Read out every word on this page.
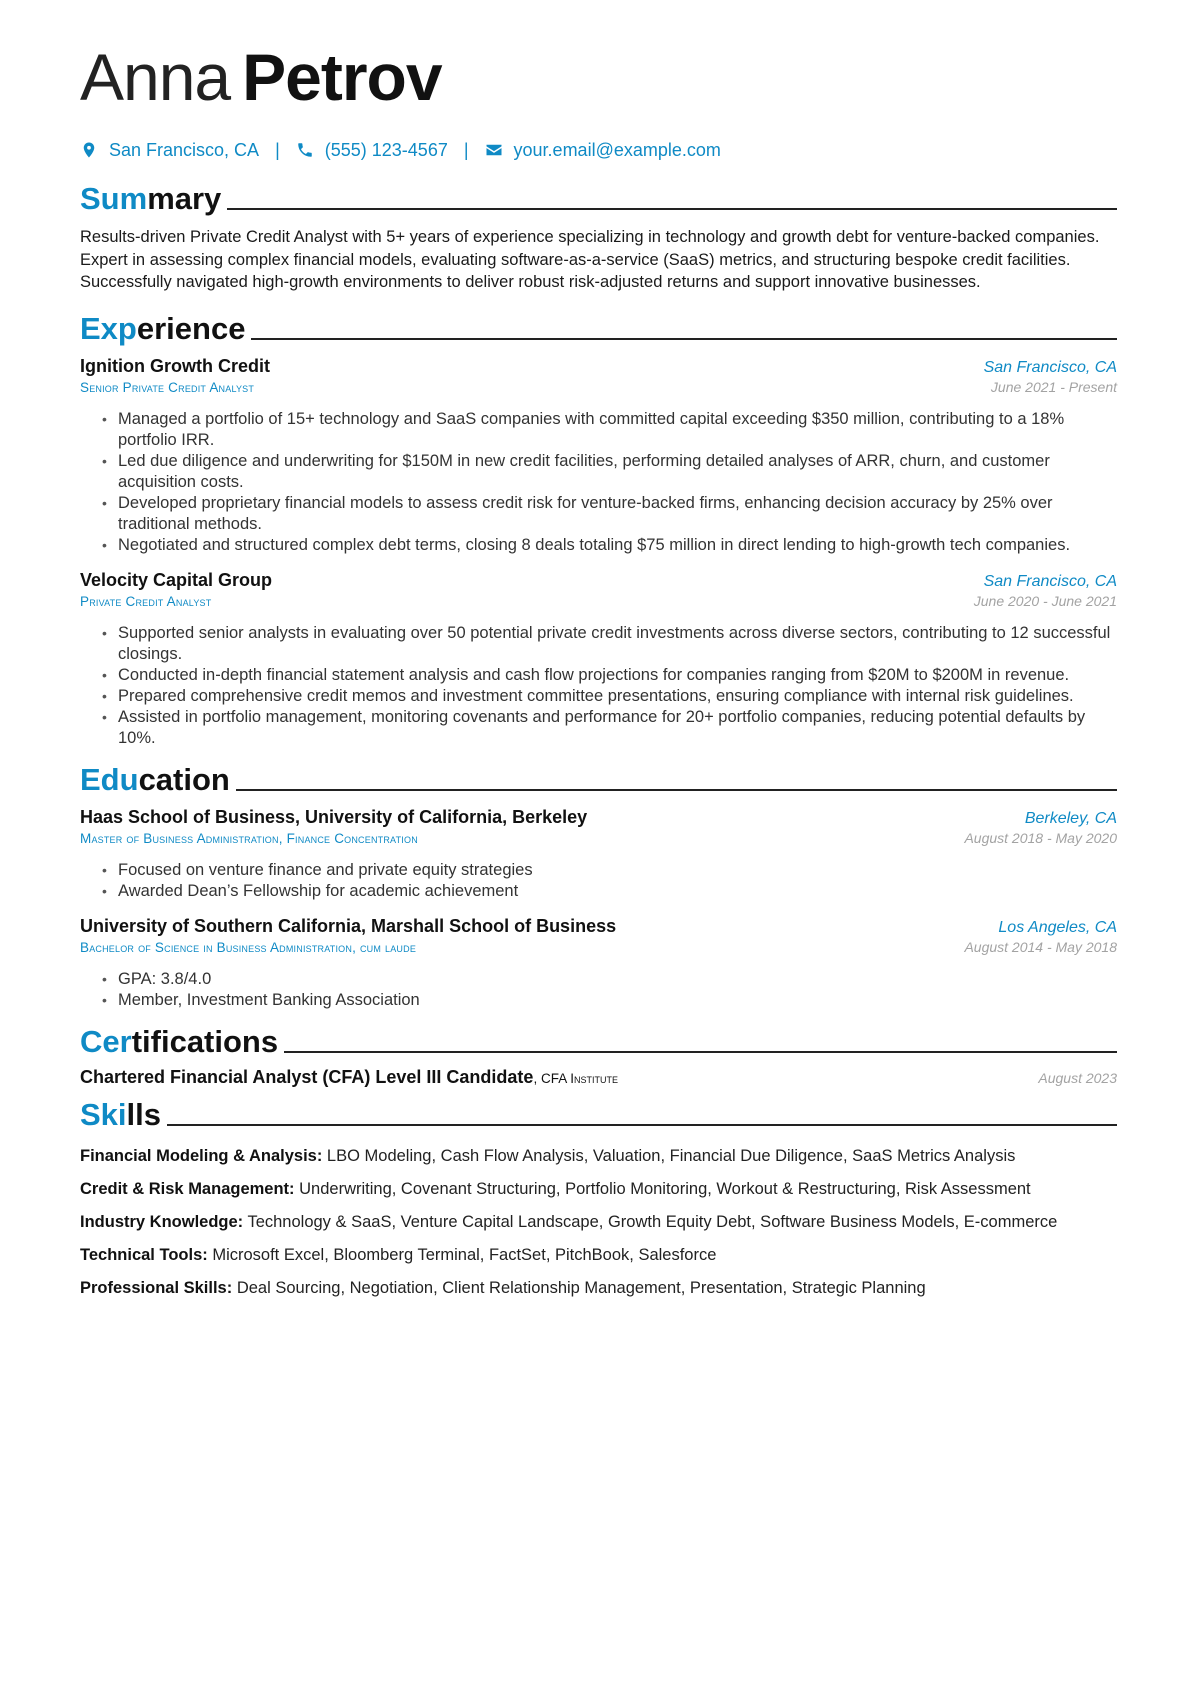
Anna Petrov
San Francisco, CA |	(555) 123-4567 |	your.email@example.com
Summary
Results-driven Private Credit Analyst with 5+ years of experience specializing in technology and growth debt for venture-backed companies. Expert in assessing complex financial models, evaluating software-as-a-service (SaaS) metrics, and structuring bespoke credit facilities. Successfully navigated high-growth environments to deliver robust risk-adjusted returns and support innovative businesses.
Experience
Ignition Growth Credit	San Francisco, CA
Senior Private Credit Analyst	June 2021 - Present
• Managed a portfolio of 15+ technology and SaaS companies with committed capital exceeding $350 million, contributing to a 18% portfolio IRR.
• Led due diligence and underwriting for $150M in new credit facilities, performing detailed analyses of ARR, churn, and customer acquisition costs.
• Developed proprietary financial models to assess credit risk for venture-backed firms, enhancing decision accuracy by 25% over traditional methods.
• Negotiated and structured complex debt terms, closing 8 deals totaling $75 million in direct lending to high-growth tech companies.
Velocity Capital Group	San Francisco, CA
Private Credit Analyst	June 2020 - June 2021
• Supported senior analysts in evaluating over 50 potential private credit investments across diverse sectors, contributing to 12 successful closings.
• Conducted in-depth financial statement analysis and cash flow projections for companies ranging from $20M to $200M in revenue.
• Prepared comprehensive credit memos and investment committee presentations, ensuring compliance with internal risk guidelines.
• Assisted in portfolio management, monitoring covenants and performance for 20+ portfolio companies, reducing potential defaults by 10%.
Education
Haas School of Business, University of California, Berkeley	Berkeley, CA
Master of Business Administration, Finance Concentration	August 2018 - May 2020
• Focused on venture finance and private equity strategies
• Awarded Dean’s Fellowship for academic achievement
University of Southern California, Marshall School of Business	Los Angeles, CA
Bachelor of Science in Business Administration, cum laude	August 2014 - May 2018
• GPA: 3.8/4.0
• Member, Investment Banking Association
Certifications
Chartered Financial Analyst (CFA) Level III Candidate, CFA Institute	August 2023
Skills
Financial Modeling & Analysis: LBO Modeling, Cash Flow Analysis, Valuation, Financial Due Diligence, SaaS Metrics Analysis
Credit & Risk Management: Underwriting, Covenant Structuring, Portfolio Monitoring, Workout & Restructuring, Risk Assessment
Industry Knowledge: Technology & SaaS, Venture Capital Landscape, Growth Equity Debt, Software Business Models, E-commerce
Technical Tools: Microsoft Excel, Bloomberg Terminal, FactSet, PitchBook, Salesforce
Professional Skills: Deal Sourcing, Negotiation, Client Relationship Management, Presentation, Strategic Planning
